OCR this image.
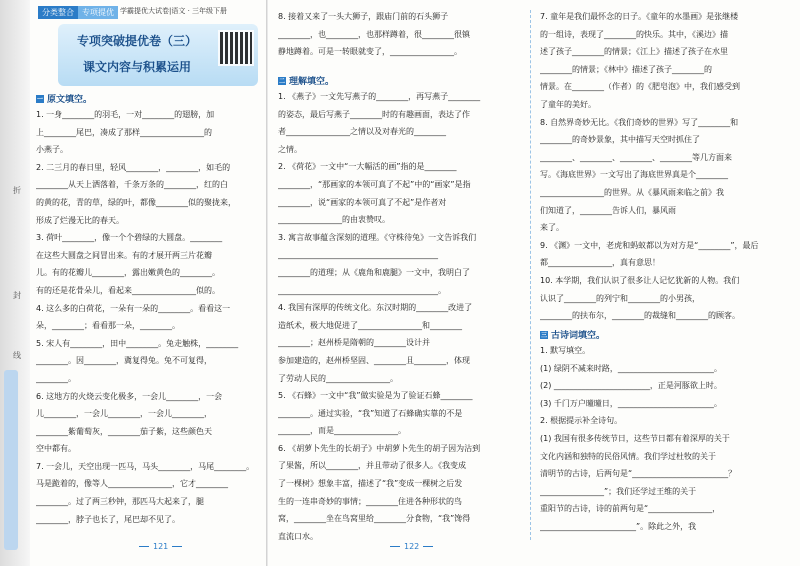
折
封
线
分类整合	专项提优 学霸提优大试卷|语文 · 三年级下册
专项突破提优卷（三）
课文内容与积累运用
一 原文填空。

1. 一身________的羽毛，一对________的翅膀，加

上________尾巴，凑成了那样________________的

小燕子。

2. 二三月的春日里，轻风________，________，如毛的

________从天上洒落着，千条万条的________，红的白

的黄的花，青的草，绿的叶，都像________似的聚拢来，

形成了烂漫无比的春天。

3. 荷叶________，像一个个碧绿的大圆盘。________

在这些大圆盘之间冒出来。有的才展开两三片花瓣

儿。有的花瓣儿________，露出嫩黄色的________。

有的还是花骨朵儿，看起来________________似的。

4. 这么多的白荷花，一朵有一朵的________。看看这一

朵，________；看看那一朵，________。

5. 宋人有________，田中________。兔走触株，________

________。因________，冀复得兔。兔不可复得，

________。

6. 这地方的火烧云变化极多，一会儿________，一会

儿________，一会儿________，一会儿________，

________紫葡萄灰，________茄子紫，这些颜色天

空中都有。

7. 一会儿，天空出现一匹马，马头________，马尾________。

马是跪着的，像等人________________，它才________

________。过了两三秒钟，那匹马大起来了，腿

________，脖子也长了，尾巴却不见了。

121

8. 接着又来了一头大狮子，跟庙门前的石头狮子

________，也________，也那样蹲着，很________很镇

静地蹲着。可是一转眼就变了，________________。

二 理解填空。

1. 《燕子》一文先写燕子的________，再写燕子________

的姿态，最后写燕子________时的有趣画面，表达了作

者________________之情以及对春光的________

之情。

2. 《荷花》一文中“一大幅活的画”指的是________

________，“那画家的本领可真了不起”中的“画家”是指

________，说“画家的本领可真了不起”是作者对

________________的由衷赞叹。

3. 寓言故事蕴含深刻的道理。《守株待兔》一文告诉我们

________________________________________

________的道理；从《鹿角和鹿腿》一文中，我明白了

________________________________________。

4. 我国有深厚的传统文化。东汉时期的________改进了

造纸术，极大地促进了________________和________

________；赵州桥是隋朝的________设计并

参加建造的，赵州桥坚固、________且________，体现

了劳动人民的________________。

5. 《石蜂》一文中“我”做实验是为了验证石蜂________

________。通过实验，“我”知道了石蜂确实靠的不是

________，而是________________。

6. 《胡萝卜先生的长胡子》中胡萝卜先生的胡子因为沾到

了果酱，所以________，并且带动了很多人。《我变成

了一棵树》想象丰富，描述了“我”变成一棵树之后发

生的一连串奇妙的事情；________住进各种形状的鸟

窝，________坐在鸟窝里给________分食物，“我”馋得

直流口水。

7. 童年是我们最怀念的日子。《童年的水墨画》是张继楼

的一组诗，表现了________的快乐。其中，《溪边》描

述了孩子________的情景；《江上》描述了孩子在水里

________的情景；《林中》描述了孩子________的

情景。在________（作者）的《肥皂泡》中，我们感受到

了童年的美好。

8. 自然界奇妙无比。《我们奇妙的世界》写了________和

________的奇妙景象，其中描写天空时抓住了

________、________、________、________等几方面来

写。《海底世界》一文写出了海底世界真是个________

________________的世界。从《暴风雨来临之前》我

们知道了，________告诉人们，暴风雨

来了。

9. 《渊》一文中，老虎和蚂蚁都以为对方是“________”，最后

都________________，真有意思！

10. 本学期，我们认识了很多让人记忆犹新的人物。我们

认识了________的列宁和________的小男孩，

________的扶布尔，________的裁缝和________的顾客。

三 古诗词填空。

1. 默写填空。

(1) 绿阴不减来时路，________________________。

(2) ________________________，正是河豚欲上时。

(3) 千门万户曈曈日，________________________。

2. 根据提示补全诗句。

(1) 我国有很多传统节日，这些节日都有着深厚的关于

文化内涵和独特的民俗风情。我们学过杜牧的关于

清明节的古诗，后两句是“________________________？

________________”；我们还学过王维的关于

重阳节的古诗，诗的前两句是“________________，

________________________”。除此之外，我

122
